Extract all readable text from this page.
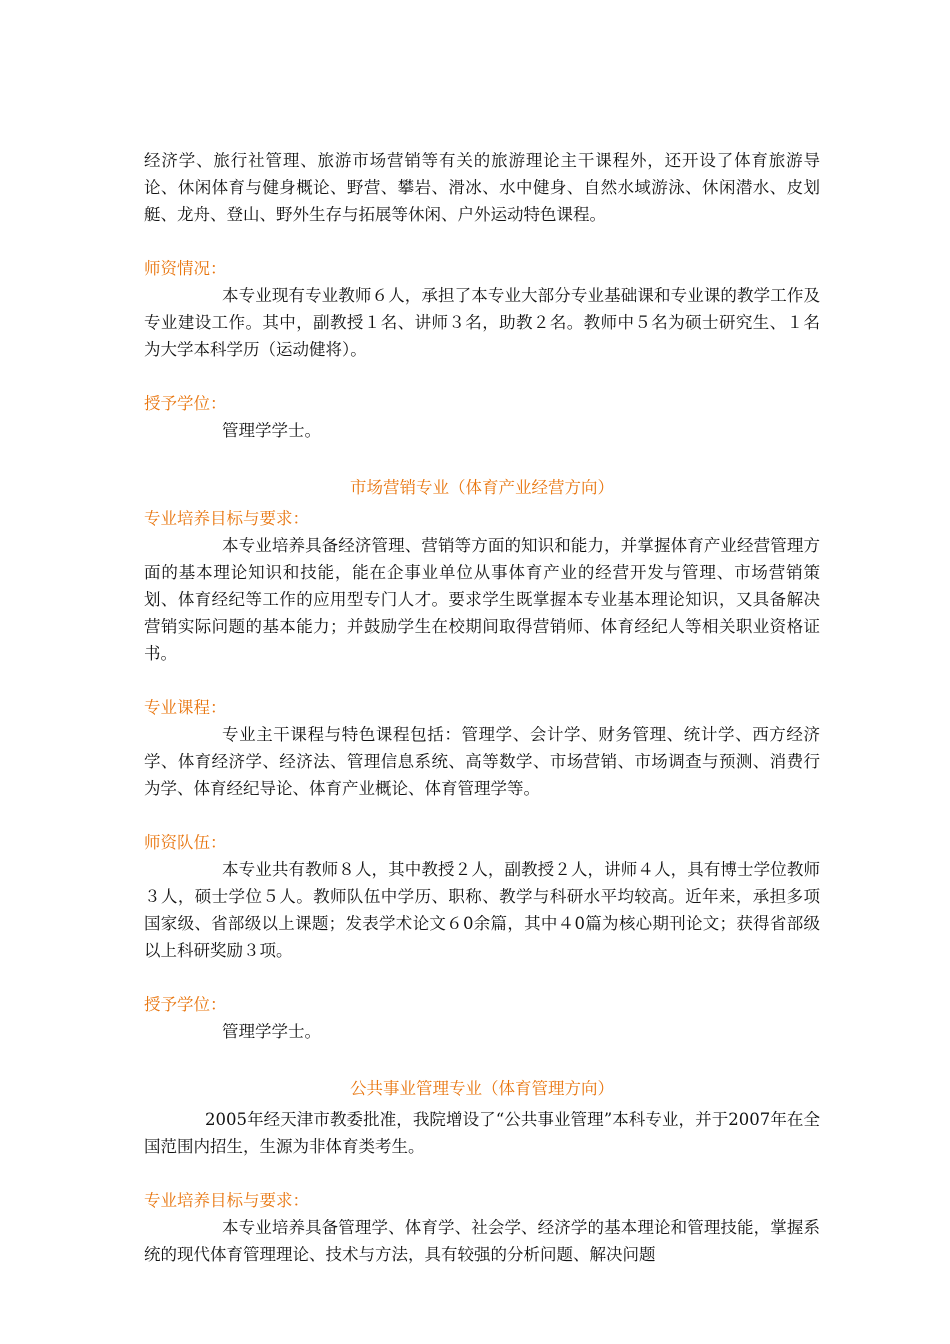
经济学、旅行社管理、旅游市场营销等有关的旅游理论主干课程外，还开设了体育旅游导论、休闲体育与健身概论、野营、攀岩、滑冰、水中健身、自然水域游泳、休闲潜水、皮划艇、龙舟、登山、野外生存与拓展等休闲、户外运动特色课程。

师资情况：

本专业现有专业教师６人，承担了本专业大部分专业基础课和专业课的教学工作及专业建设工作。其中，副教授１名、讲师３名，助教２名。教师中５名为硕士研究生、１名为大学本科学历（运动健将）。

授予学位：

管理学学士。

市场营销专业（体育产业经营方向）

专业培养目标与要求：

本专业培养具备经济管理、营销等方面的知识和能力，并掌握体育产业经营管理方面的基本理论知识和技能，能在企事业单位从事体育产业的经营开发与管理、市场营销策划、体育经纪等工作的应用型专门人才。要求学生既掌握本专业基本理论知识，又具备解决营销实际问题的基本能力；并鼓励学生在校期间取得营销师、体育经纪人等相关职业资格证书。

专业课程：

专业主干课程与特色课程包括：管理学、会计学、财务管理、统计学、西方经济学、体育经济学、经济法、管理信息系统、高等数学、市场营销、市场调查与预测、消费行为学、体育经纪导论、体育产业概论、体育管理学等。

师资队伍：

本专业共有教师８人，其中教授２人，副教授２人，讲师４人，具有博士学位教师３人，硕士学位５人。教师队伍中学历、职称、教学与科研水平均较高。近年来，承担多项国家级、省部级以上课题；发表学术论文６0余篇，其中４0篇为核心期刊论文；获得省部级以上科研奖励３项。

授予学位：

管理学学士。

公共事业管理专业（体育管理方向）

2005年经天津市教委批准，我院增设了“公共事业管理”本科专业，并于2007年在全国范围内招生，生源为非体育类考生。

专业培养目标与要求：

本专业培养具备管理学、体育学、社会学、经济学的基本理论和管理技能，掌握系统的现代体育管理理论、技术与方法，具有较强的分析问题、解决问题
